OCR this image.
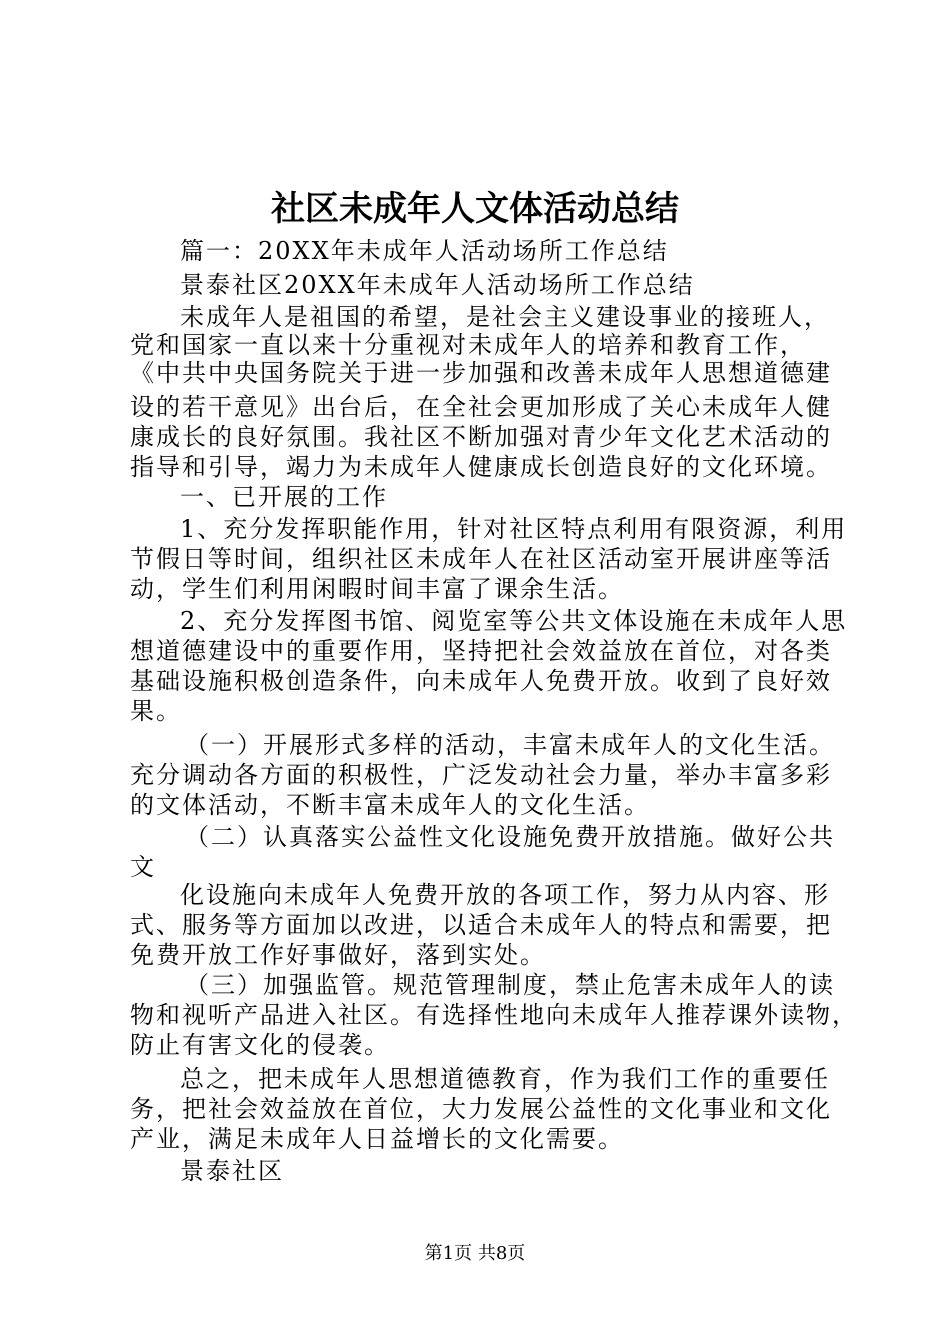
社区未成年人文体活动总结
篇一：20XX年未成年人活动场所工作总结
景泰社区20XX年未成年人活动场所工作总结
未成年人是祖国的希望，是社会主义建设事业的接班人，
党和国家一直以来十分重视对未成年人的培养和教育工作，
《中共中央国务院关于进一步加强和改善未成年人思想道德建
设的若干意见》出台后，在全社会更加形成了关心未成年人健
康成长的良好氛围。我社区不断加强对青少年文化艺术活动的
指导和引导，竭力为未成年人健康成长创造良好的文化环境。
一、已开展的工作
1、充分发挥职能作用，针对社区特点利用有限资源，利用
节假日等时间，组织社区未成年人在社区活动室开展讲座等活
动，学生们利用闲暇时间丰富了课余生活。
2、充分发挥图书馆、阅览室等公共文体设施在未成年人思
想道德建设中的重要作用，坚持把社会效益放在首位，对各类
基础设施积极创造条件，向未成年人免费开放。收到了良好效
果。
（一）开展形式多样的活动，丰富未成年人的文化生活。
充分调动各方面的积极性，广泛发动社会力量，举办丰富多彩
的文体活动，不断丰富未成年人的文化生活。
（二）认真落实公益性文化设施免费开放措施。做好公共
文
化设施向未成年人免费开放的各项工作，努力从内容、形
式、服务等方面加以改进，以适合未成年人的特点和需要，把
免费开放工作好事做好，落到实处。
（三）加强监管。规范管理制度，禁止危害未成年人的读
物和视听产品进入社区。有选择性地向未成年人推荐课外读物，
防止有害文化的侵袭。
总之，把未成年人思想道德教育，作为我们工作的重要任
务，把社会效益放在首位，大力发展公益性的文化事业和文化
产业，满足未成年人日益增长的文化需要。
景泰社区
第1页 共8页
